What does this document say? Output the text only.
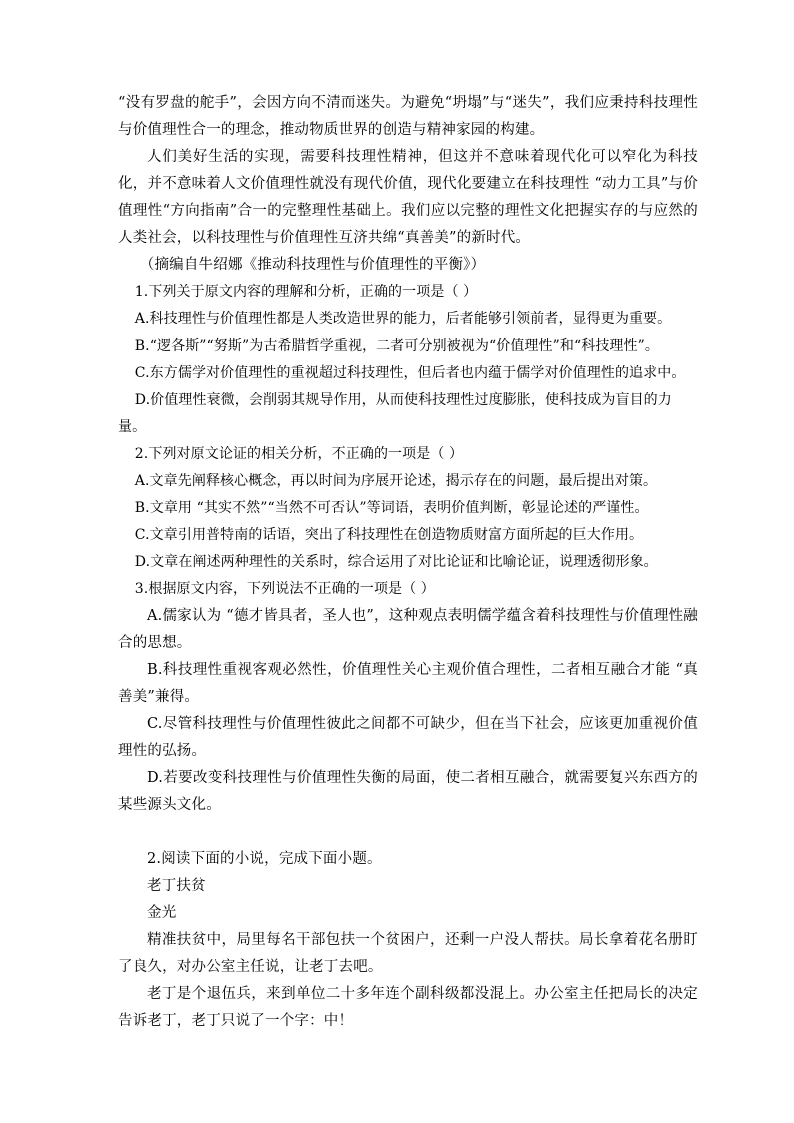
“没有罗盘的舵手”，会因方向不清而迷失。为避免“坍塌”与“迷失”，我们应秉持科技理性与价值理性合一的理念，推动物质世界的创造与精神家园的构建。

人们美好生活的实现，需要科技理性精神，但这并不意味着现代化可以窄化为科技化，并不意味着人文价值理性就没有现代价值，现代化要建立在科技理性 “动力工具”与价值理性“方向指南”合一的完整理性基础上。我们应以完整的理性文化把握实存的与应然的人类社会，以科技理性与价值理性互济共绵“真善美”的新时代。

（摘编自牛绍娜《推动科技理性与价值理性的平衡》）

1.下列关于原文内容的理解和分析，正确的一项是（ ）

A.科技理性与价值理性都是人类改造世界的能力，后者能够引领前者，显得更为重要。

B.“逻各斯”“努斯”为古希腊哲学重视，二者可分别被视为“价值理性”和“科技理性”。

C.东方儒学对价值理性的重视超过科技理性，但后者也内蕴于儒学对价值理性的追求中。

D.价值理性衰微，会削弱其规导作用，从而使科技理性过度膨胀，使科技成为盲目的力量。

2.下列对原文论证的相关分析，不正确的一项是（ ）

A.文章先阐释核心概念，再以时间为序展开论述，揭示存在的问题，最后提出对策。

B.文章用 “其实不然”“当然不可否认”等词语，表明价值判断，彰显论述的严谨性。

C.文章引用普特南的话语，突出了科技理性在创造物质财富方面所起的巨大作用。

D.文章在阐述两种理性的关系时，综合运用了对比论证和比喻论证，说理透彻形象。

3.根据原文内容，下列说法不正确的一项是（ ）

A.儒家认为 “德才皆具者，圣人也”，这种观点表明儒学蕴含着科技理性与价值理性融合的思想。

B.科技理性重视客观必然性，价值理性关心主观价值合理性，二者相互融合才能 “真善美”兼得。

C.尽管科技理性与价值理性彼此之间都不可缺少，但在当下社会，应该更加重视价值理性的弘扬。

D.若要改变科技理性与价值理性失衡的局面，使二者相互融合，就需要复兴东西方的某些源头文化。

2.阅读下面的小说，完成下面小题。

老丁扶贫

金光

精准扶贫中，局里每名干部包扶一个贫困户，还剩一户没人帮扶。局长拿着花名册盯了良久，对办公室主任说，让老丁去吧。

老丁是个退伍兵，来到单位二十多年连个副科级都没混上。办公室主任把局长的决定告诉老丁，老丁只说了一个字：中！
